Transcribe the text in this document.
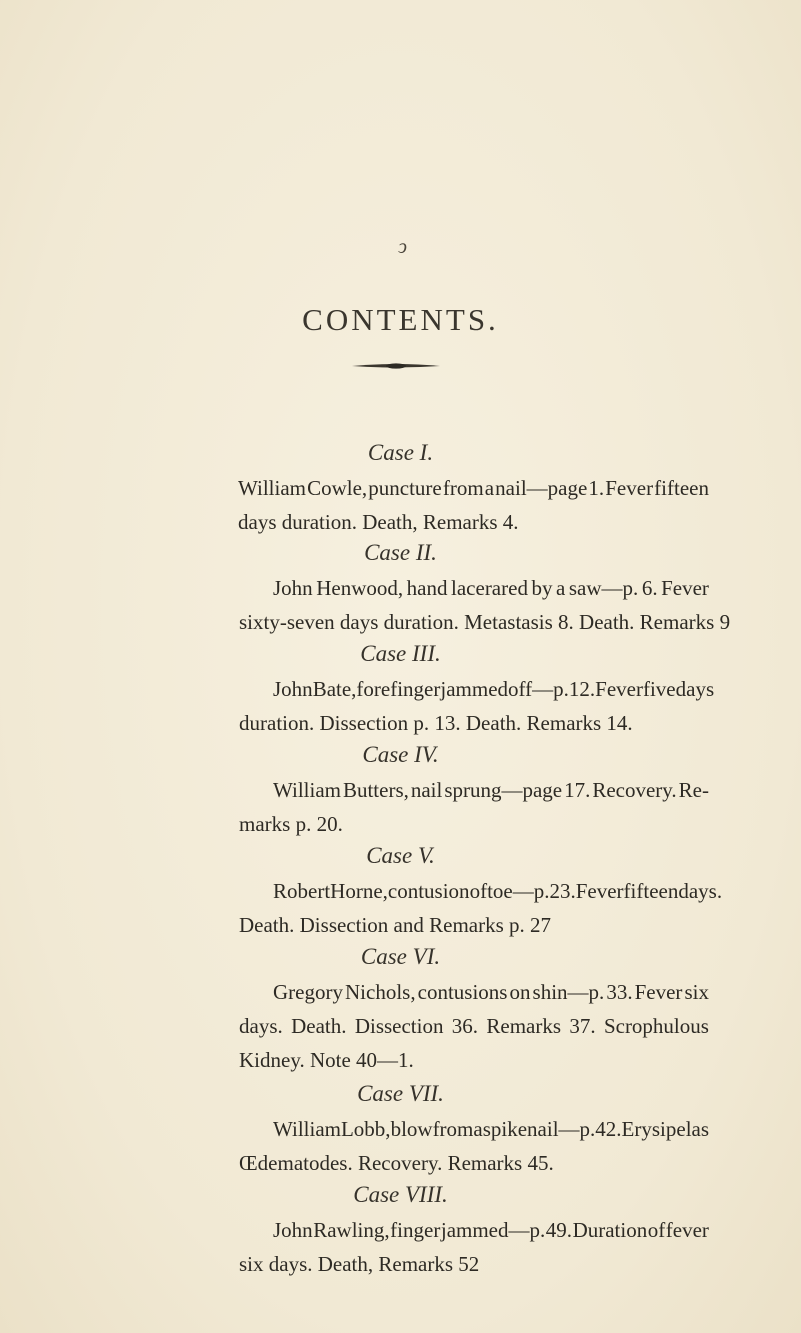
ↄ
CONTENTS.
Case I.
William Cowle, puncture from a nail—page 1. Fever fifteen
days duration. Death, Remarks 4.
Case II.
John Henwood, hand lacerared by a saw—p. 6. Fever
sixty-seven days duration. Metastasis 8. Death. Remarks 9
Case III.
John Bate, fore finger jammed off—p. 12. Fever five days
duration. Dissection p. 13. Death. Remarks 14.
Case IV.
William Butters, nail sprung—page 17. Recovery. Re-
marks p. 20.
Case V.
Robert Horne, contusion of toe—p. 23. Fever fifteen days.
Death. Dissection and Remarks p. 27
Case VI.
Gregory Nichols, contusions on shin—p. 33. Fever six
days. Death. Dissection 36. Remarks 37. Scrophulous
Kidney. Note 40—1.
Case VII.
William Lobb, blow from a spike nail—p. 42. Erysipelas
Œdematodes. Recovery. Remarks 45.
Case VIII.
John Rawling, finger jammed—p. 49. Duration of fever
six days. Death, Remarks 52
